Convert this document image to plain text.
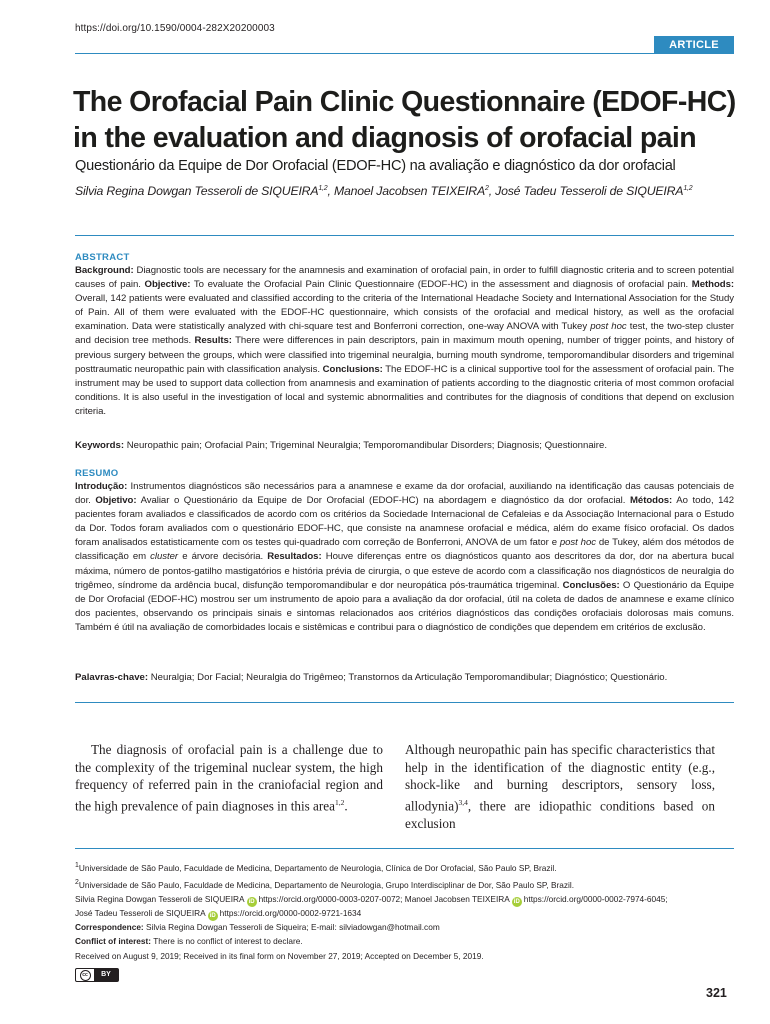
https://doi.org/10.1590/0004-282X20200003
ARTICLE
The Orofacial Pain Clinic Questionnaire (EDOF-HC)
in the evaluation and diagnosis of orofacial pain
Questionário da Equipe de Dor Orofacial (EDOF-HC) na avaliação e diagnóstico da dor orofacial
Silvia Regina Dowgan Tesseroli de SIQUEIRA$^{1,2}$, Manoel Jacobsen TEIXEIRA$^2$, José Tadeu Tesseroli de SIQUEIRA$^{1,2}$
ABSTRACT

Background: Diagnostic tools are necessary for the anamnesis and examination of orofacial pain, in order to fulfill diagnostic criteria and to screen potential causes of pain. Objective: To evaluate the Orofacial Pain Clinic Questionnaire (EDOF-HC) in the assessment and diagnosis of orofacial pain. Methods: Overall, 142 patients were evaluated and classified according to the criteria of the International Headache Society and International Association for the Study of Pain. All of them were evaluated with the EDOF-HC questionnaire, which consists of the orofacial and medical history, as well as the orofacial examination. Data were statistically analyzed with chi-square test and Bonferroni correction, one-way ANOVA with Tukey post hoc test, the two-step cluster and decision tree methods. Results: There were differences in pain descriptors, pain in maximum mouth opening, number of trigger points, and history of previous surgery between the groups, which were classified into trigeminal neuralgia, burning mouth syndrome, temporomandibular disorders and trigeminal posttraumatic neuropathic pain with classification analysis. Conclusions: The EDOF-HC is a clinical supportive tool for the assessment of orofacial pain. The instrument may be used to support data collection from anamnesis and examination of patients according to the diagnostic criteria of most common orofacial conditions. It is also useful in the investigation of local and systemic abnormalities and contributes for the diagnosis of conditions that depend on exclusion criteria.

Keywords: Neuropathic pain; Orofacial Pain; Trigeminal Neuralgia; Temporomandibular Disorders; Diagnosis; Questionnaire.

RESUMO

Introdução: Instrumentos diagnósticos são necessários para a anamnese e exame da dor orofacial, auxiliando na identificação das causas potenciais de dor. Objetivo: Avaliar o Questionário da Equipe de Dor Orofacial (EDOF-HC) na abordagem e diagnóstico da dor orofacial. Métodos: Ao todo, 142 pacientes foram avaliados e classificados de acordo com os critérios da Sociedade Internacional de Cefaleias e da Associação Internacional para o Estudo da Dor. Todos foram avaliados com o questionário EDOF-HC, que consiste na anamnese orofacial e médica, além do exame físico orofacial. Os dados foram analisados estatisticamente com os testes qui-quadrado com correção de Bonferroni, ANOVA de um fator e post hoc de Tukey, além dos métodos de classificação em cluster e árvore decisória. Resultados: Houve diferenças entre os diagnósticos quanto aos descritores da dor, dor na abertura bucal máxima, número de pontos-gatilho mastigatórios e história prévia de cirurgia, o que esteve de acordo com a classificação nos diagnósticos de neuralgia do trigêmeo, síndrome da ardência bucal, disfunção temporomandibular e dor neuropática pós-traumática trigeminal. Conclusões: O Questionário da Equipe de Dor Orofacial (EDOF-HC) mostrou ser um instrumento de apoio para a avaliação da dor orofacial, útil na coleta de dados de anamnese e exame clínico dos pacientes, observando os principais sinais e sintomas relacionados aos critérios diagnósticos das condições orofaciais dolorosas mais comuns. Também é útil na avaliação de comorbidades locais e sistêmicas e contribui para o diagnóstico de condições que dependem em critérios de exclusão.

Palavras-chave: Neuralgia; Dor Facial; Neuralgia do Trigêmeo; Transtornos da Articulação Temporomandibular; Diagnóstico; Questionário.

The diagnosis of orofacial pain is a challenge due to the complexity of the trigeminal nuclear system, the high frequency of referred pain in the craniofacial region and the high prevalence of pain diagnoses in this area$^{1,2}$.

Although neuropathic pain has specific characteristics that help in the identification of the diagnostic entity (e.g., shock-like and burning descriptors, sensory loss, allodynia)$^{3,4}$, there are idiopathic conditions based on exclusion

$^1$Universidade de São Paulo, Faculdade de Medicina, Departamento de Neurologia, Clínica de Dor Orofacial, São Paulo SP, Brazil.
$^2$Universidade de São Paulo, Faculdade de Medicina, Departamento de Neurologia, Grupo Interdisciplinar de Dor, São Paulo SP, Brazil.
Silvia Regina Dowgan Tesseroli de SIQUEIRA iD https://orcid.org/0000-0003-0207-0072; Manoel Jacobsen TEIXEIRA iD https://orcid.org/0000-0002-7974-6045;
José Tadeu Tesseroli de SIQUEIRA iD https://orcid.org/0000-0002-9721-1634
Correspondence: Silvia Regina Dowgan Tesseroli de Siqueira; E-mail: silviadowgan@hotmail.com
Conflict of interest: There is no conflict of interest to declare.
Received on August 9, 2019; Received in its final form on November 27, 2019; Accepted on December 5, 2019.
cc	BY
321
